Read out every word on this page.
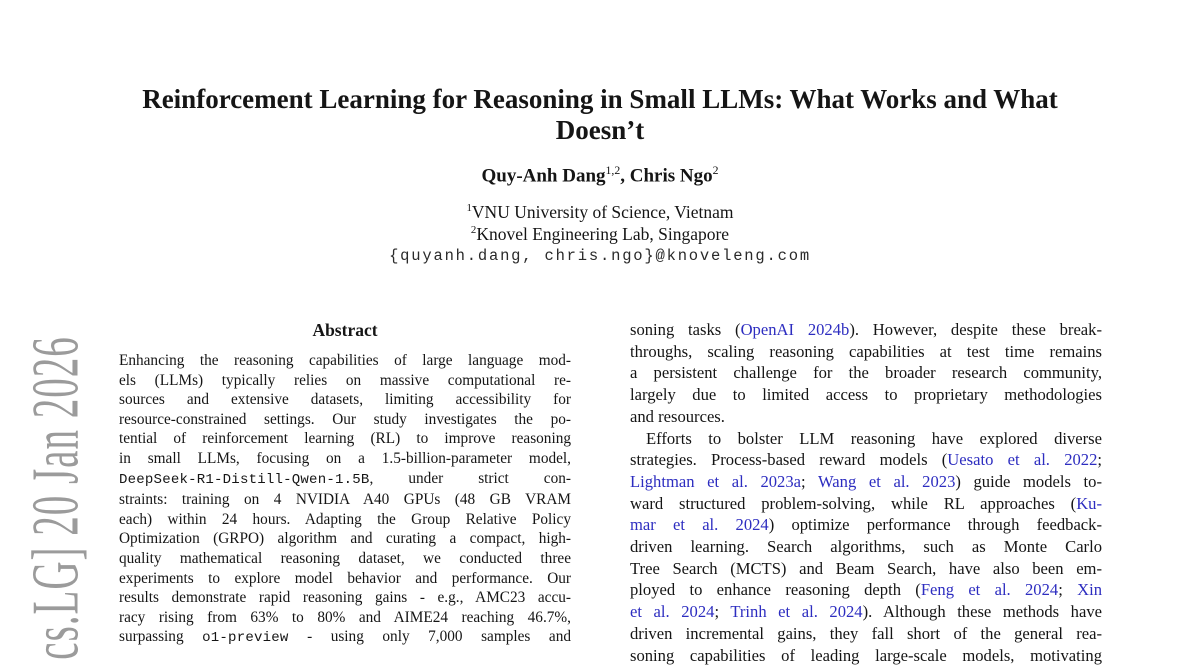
cs.LG] 20 Jan 2026
Reinforcement Learning for Reasoning in Small LLMs: What Works and What
Doesn’t
Quy-Anh Dang$^{1,2}$, Chris Ngo$^2$
$^1$VNU University of Science, Vietnam
$^2$Knovel Engineering Lab, Singapore
{quyanh.dang, chris.ngo}@knoveleng.com
Abstract
Enhancing the reasoning capabilities of large language mod-
els (LLMs) typically relies on massive computational re-
sources and extensive datasets, limiting accessibility for
resource-constrained settings. Our study investigates the po-
tential of reinforcement learning (RL) to improve reasoning
in small LLMs, focusing on a 1.5-billion-parameter model,
DeepSeek-R1-Distill-Qwen-1.5B, under strict con-
straints: training on 4 NVIDIA A40 GPUs (48 GB VRAM
each) within 24 hours. Adapting the Group Relative Policy
Optimization (GRPO) algorithm and curating a compact, high-
quality mathematical reasoning dataset, we conducted three
experiments to explore model behavior and performance. Our
results demonstrate rapid reasoning gains - e.g., AMC23 accu-
racy rising from 63% to 80% and AIME24 reaching 46.7%,
surpassing o1-preview - using only 7,000 samples and
soning tasks (OpenAI 2024b). However, despite these break-
throughs, scaling reasoning capabilities at test time remains
a persistent challenge for the broader research community,
largely due to limited access to proprietary methodologies
and resources.
Efforts to bolster LLM reasoning have explored diverse
strategies. Process-based reward models (Uesato et al. 2022;
Lightman et al. 2023a; Wang et al. 2023) guide models to-
ward structured problem-solving, while RL approaches (Ku-
mar et al. 2024) optimize performance through feedback-
driven learning. Search algorithms, such as Monte Carlo
Tree Search (MCTS) and Beam Search, have also been em-
ployed to enhance reasoning depth (Feng et al. 2024; Xin
et al. 2024; Trinh et al. 2024). Although these methods have
driven incremental gains, they fall short of the general rea-
soning capabilities of leading large-scale models, motivating
